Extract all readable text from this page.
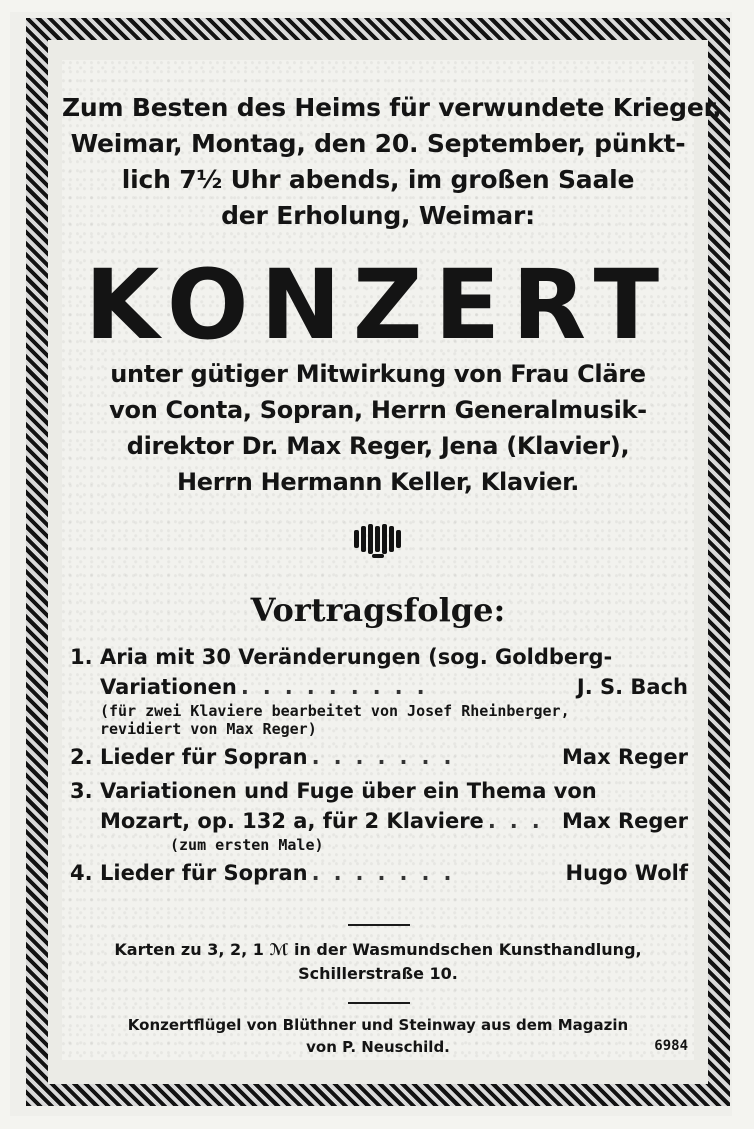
Zum Besten des Heims für verwundete Krieger,
Weimar, Montag, den 20. September, pünkt-
lich 7½ Uhr abends, im großen Saale
der Erholung, Weimar:
KONZERT
unter gütiger Mitwirkung von Frau Cläre
von Conta, Sopran, Herrn Generalmusik-
direktor Dr. Max Reger, Jena (Klavier),
Herrn Hermann Keller, Klavier.
Vortragsfolge:
1. Aria mit 30 Veränderungen (sog. Goldberg-
Variationen .........	J. S. Bach
(für zwei Klaviere bearbeitet von Josef Rheinberger,
revidiert von Max Reger)
2. Lieder für Sopran .......	Max Reger
3. Variationen und Fuge über ein Thema von
Mozart, op. 132 a, für 2 Klaviere ... Max Reger
(zum ersten Male)
4. Lieder für Sopran .......	Hugo Wolf
Karten zu 3, 2, 1 ℳ in der Wasmundschen Kunsthandlung,
Schillerstraße 10.
Konzertflügel von Blüthner und Steinway aus dem Magazin
von P. Neuschild.	6984
